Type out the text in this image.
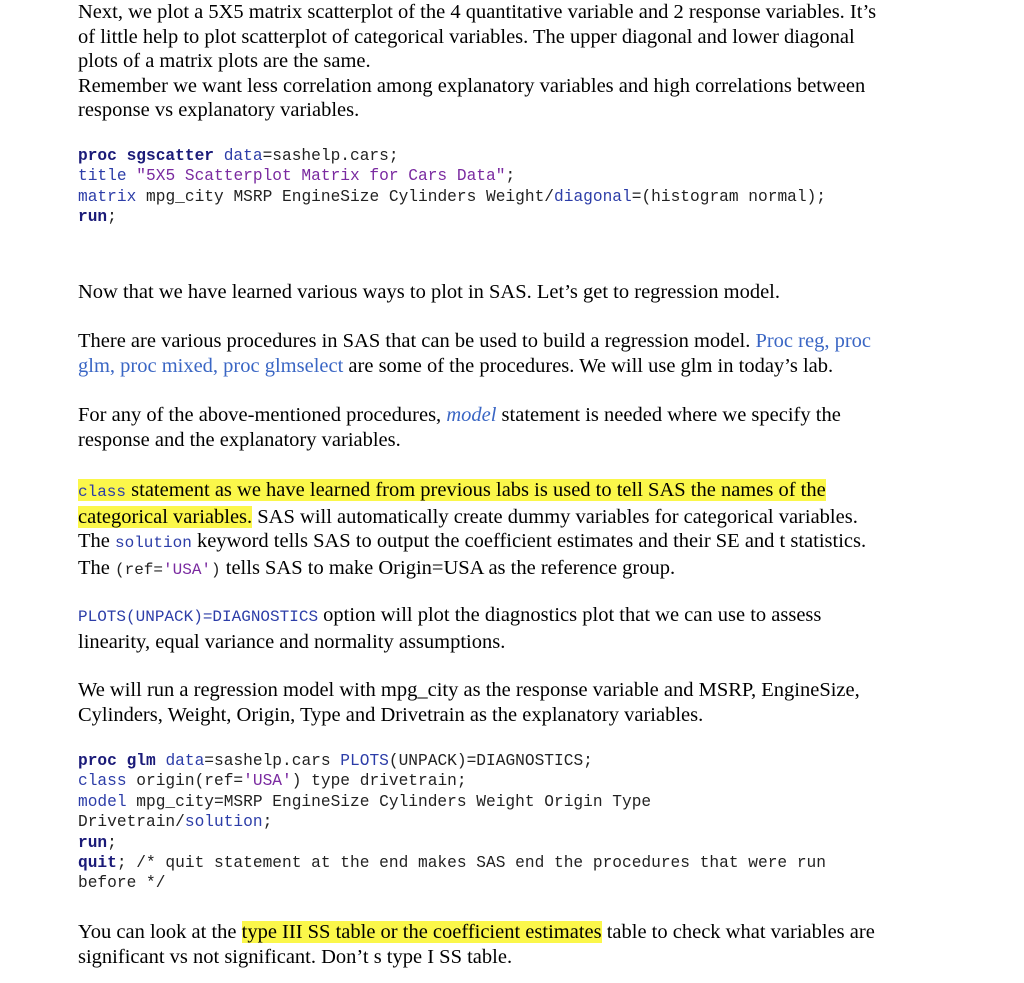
Next, we plot a 5X5 matrix scatterplot of the 4 quantitative variable and 2 response variables. It’s

of little help to plot scatterplot of categorical variables. The upper diagonal and lower diagonal

plots of a matrix plots are the same.

Remember we want less correlation among explanatory variables and high correlations between

response vs explanatory variables.

proc sgscatter data=sashelp.cars;
title "5X5 Scatterplot Matrix for Cars Data";
matrix mpg_city MSRP EngineSize Cylinders Weight/diagonal=(histogram normal);
run;

Now that we have learned various ways to plot in SAS. Let’s get to regression model.

There are various procedures in SAS that can be used to build a regression model. Proc reg, proc

glm, proc mixed, proc glmselect are some of the procedures. We will use glm in today’s lab.

For any of the above-mentioned procedures, model statement is needed where we specify the

response and the explanatory variables.

class statement as we have learned from previous labs is used to tell SAS the names of the

categorical variables. SAS will automatically create dummy variables for categorical variables.

The solution keyword tells SAS to output the coefficient estimates and their SE and t statistics.

The (ref='USA') tells SAS to make Origin=USA as the reference group.

PLOTS(UNPACK)=DIAGNOSTICS option will plot the diagnostics plot that we can use to assess

linearity, equal variance and normality assumptions.

We will run a regression model with mpg_city as the response variable and MSRP, EngineSize,

Cylinders, Weight, Origin, Type and Drivetrain as the explanatory variables.

proc glm data=sashelp.cars PLOTS(UNPACK)=DIAGNOSTICS;
class origin(ref='USA') type drivetrain;
model mpg_city=MSRP EngineSize Cylinders Weight Origin Type
Drivetrain/solution;
run;
quit; /* quit statement at the end makes SAS end the procedures that were run
before */

You can look at the type III SS table or the coefficient estimates table to check what variables are

significant vs not significant. Don’t s type I SS table.
